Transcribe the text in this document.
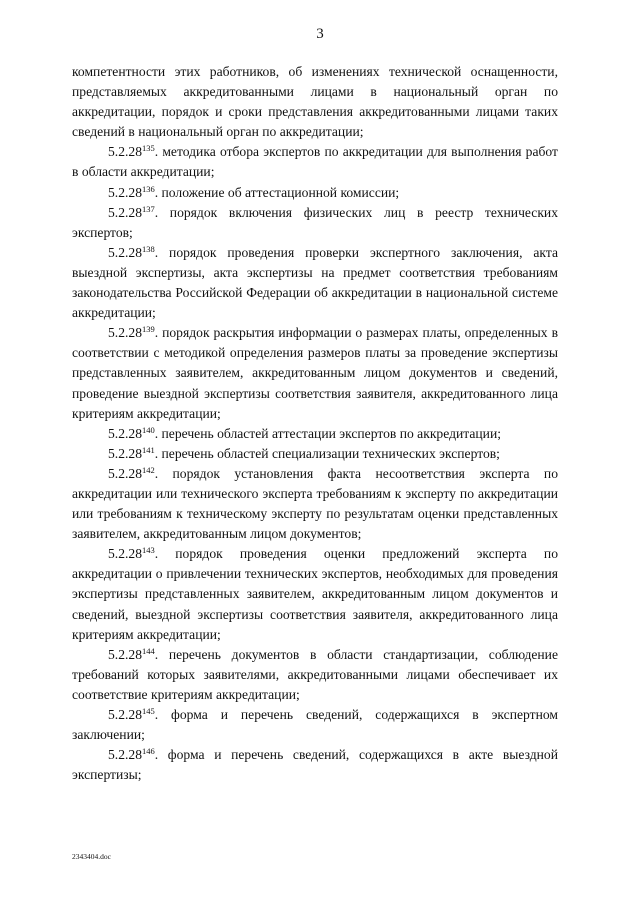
3

компетентности этих работников, об изменениях технической оснащенности, представляемых аккредитованными лицами в национальный орган по аккредитации, порядок и сроки представления аккредитованными лицами таких сведений в национальный орган по аккредитации;

5.2.28$^{135}$. методика отбора экспертов по аккредитации для выполнения работ в области аккредитации;

5.2.28$^{136}$. положение об аттестационной комиссии;

5.2.28$^{137}$. порядок включения физических лиц в реестр технических экспертов;

5.2.28$^{138}$. порядок проведения проверки экспертного заключения, акта выездной экспертизы, акта экспертизы на предмет соответствия требованиям законодательства Российской Федерации об аккредитации в национальной системе аккредитации;

5.2.28$^{139}$. порядок раскрытия информации о размерах платы, определенных в соответствии с методикой определения размеров платы за проведение экспертизы представленных заявителем, аккредитованным лицом документов и сведений, проведение выездной экспертизы соответствия заявителя, аккредитованного лица критериям аккредитации;

5.2.28$^{140}$. перечень областей аттестации экспертов по аккредитации;

5.2.28$^{141}$. перечень областей специализации технических экспертов;

5.2.28$^{142}$. порядок установления факта несоответствия эксперта по аккредитации или технического эксперта требованиям к эксперту по аккредитации или требованиям к техническому эксперту по результатам оценки представленных заявителем, аккредитованным лицом документов;

5.2.28$^{143}$. порядок проведения оценки предложений эксперта по аккредитации о привлечении технических экспертов, необходимых для проведения экспертизы представленных заявителем, аккредитованным лицом документов и сведений, выездной экспертизы соответствия заявителя, аккредитованного лица критериям аккредитации;

5.2.28$^{144}$. перечень документов в области стандартизации, соблюдение требований которых заявителями, аккредитованными лицами обеспечивает их соответствие критериям аккредитации;

5.2.28$^{145}$. форма и перечень сведений, содержащихся в экспертном заключении;

5.2.28$^{146}$. форма и перечень сведений, содержащихся в акте выездной экспертизы;

2343404.doc
